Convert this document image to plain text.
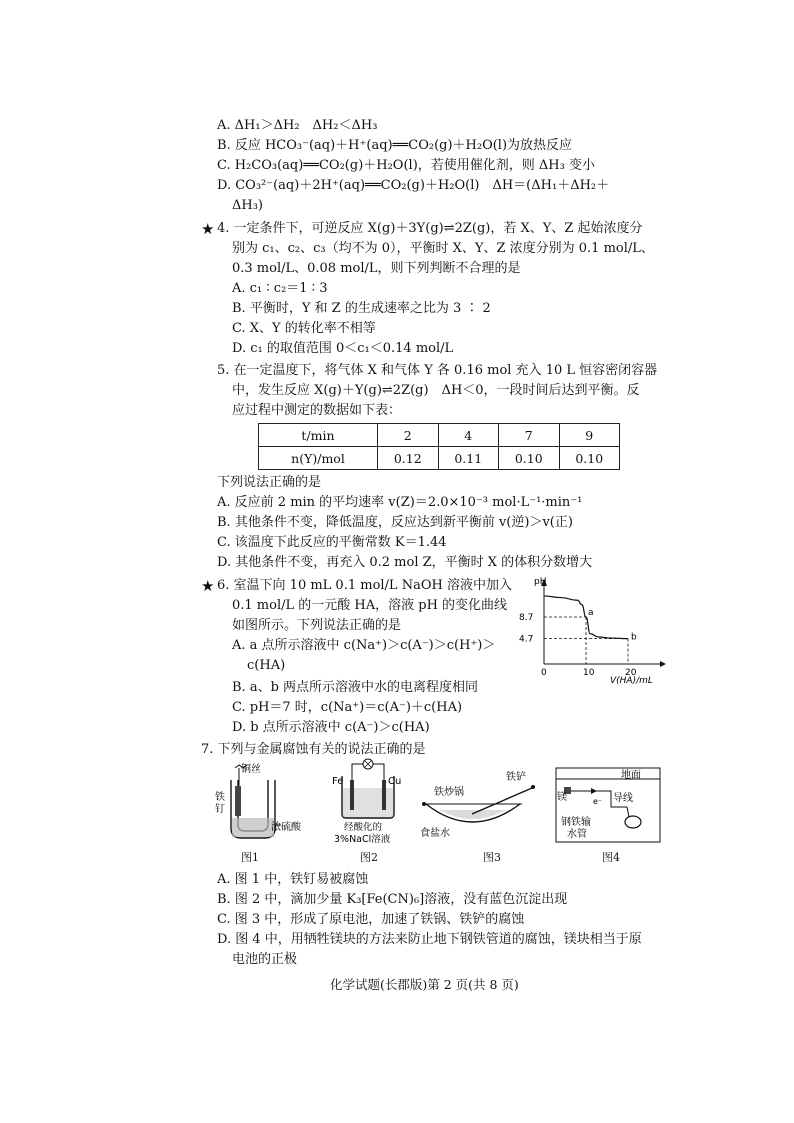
A. ΔH₁＞ΔH₂　ΔH₂＜ΔH₃
B. 反应 HCO₃⁻(aq)＋H⁺(aq)══CO₂(g)＋H₂O(l)为放热反应
C. H₂CO₃(aq)══CO₂(g)＋H₂O(l)，若使用催化剂，则 ΔH₃ 变小
D. CO₃²⁻(aq)＋2H⁺(aq)══CO₂(g)＋H₂O(l)　ΔH＝(ΔH₁＋ΔH₂＋
ΔH₃)
★ 4. 一定条件下，可逆反应 X(g)＋3Y(g)⇌2Z(g)，若 X、Y、Z 起始浓度分
别为 c₁、c₂、c₃（均不为 0），平衡时 X、Y、Z 浓度分别为 0.1 mol/L、
0.3 mol/L、0.08 mol/L，则下列判断不合理的是
A. c₁ ∶ c₂＝1 ∶ 3
B. 平衡时，Y 和 Z 的生成速率之比为 3 ∶ 2
C. X、Y 的转化率不相等
D. c₁ 的取值范围 0＜c₁＜0.14 mol/L
5. 在一定温度下，将气体 X 和气体 Y 各 0.16 mol 充入 10 L 恒容密闭容器
中，发生反应 X(g)＋Y(g)⇌2Z(g)　ΔH＜0，一段时间后达到平衡。反
应过程中测定的数据如下表：
t/min	2	4	7	9
n(Y)/mol	0.12	0.11	0.10	0.10
下列说法正确的是
A. 反应前 2 min 的平均速率 v(Z)＝2.0×10⁻³ mol·L⁻¹·min⁻¹
B. 其他条件不变，降低温度，反应达到新平衡前 v(逆)＞v(正)
C. 该温度下此反应的平衡常数 K＝1.44
D. 其他条件不变，再充入 0.2 mol Z，平衡时 X 的体积分数增大
★ 6. 室温下向 10 mL 0.1 mol/L NaOH 溶液中加入
0.1 mol/L 的一元酸 HA，溶液 pH 的变化曲线
如图所示。下列说法正确的是
A. a 点所示溶液中 c(Na⁺)＞c(A⁻)＞c(H⁺)＞
c(HA)
B. a、b 两点所示溶液中水的电离程度相同
C. pH＝7 时，c(Na⁺)＝c(A⁻)＋c(HA)
D. b 点所示溶液中 c(A⁻)＞c(HA)
pH
V(HA)/mL
8.7
4.7
0	10	20
a
b
7. 下列与金属腐蚀有关的说法正确的是
铜丝
铁
钉
浓硫酸
图1
Fe	Cu
经酸化的
3%NaCl溶液
图2
铁炒锅
铁铲
食盐水
图3
镁
地面
e⁻ 导线
钢铁输
水管
图4
A. 图 1 中，铁钉易被腐蚀
B. 图 2 中，滴加少量 K₃[Fe(CN)₆]溶液，没有蓝色沉淀出现
C. 图 3 中，形成了原电池，加速了铁锅、铁铲的腐蚀
D. 图 4 中，用牺牲镁块的方法来防止地下钢铁管道的腐蚀，镁块相当于原
电池的正极
化学试题(长郡版)第 2 页(共 8 页)
